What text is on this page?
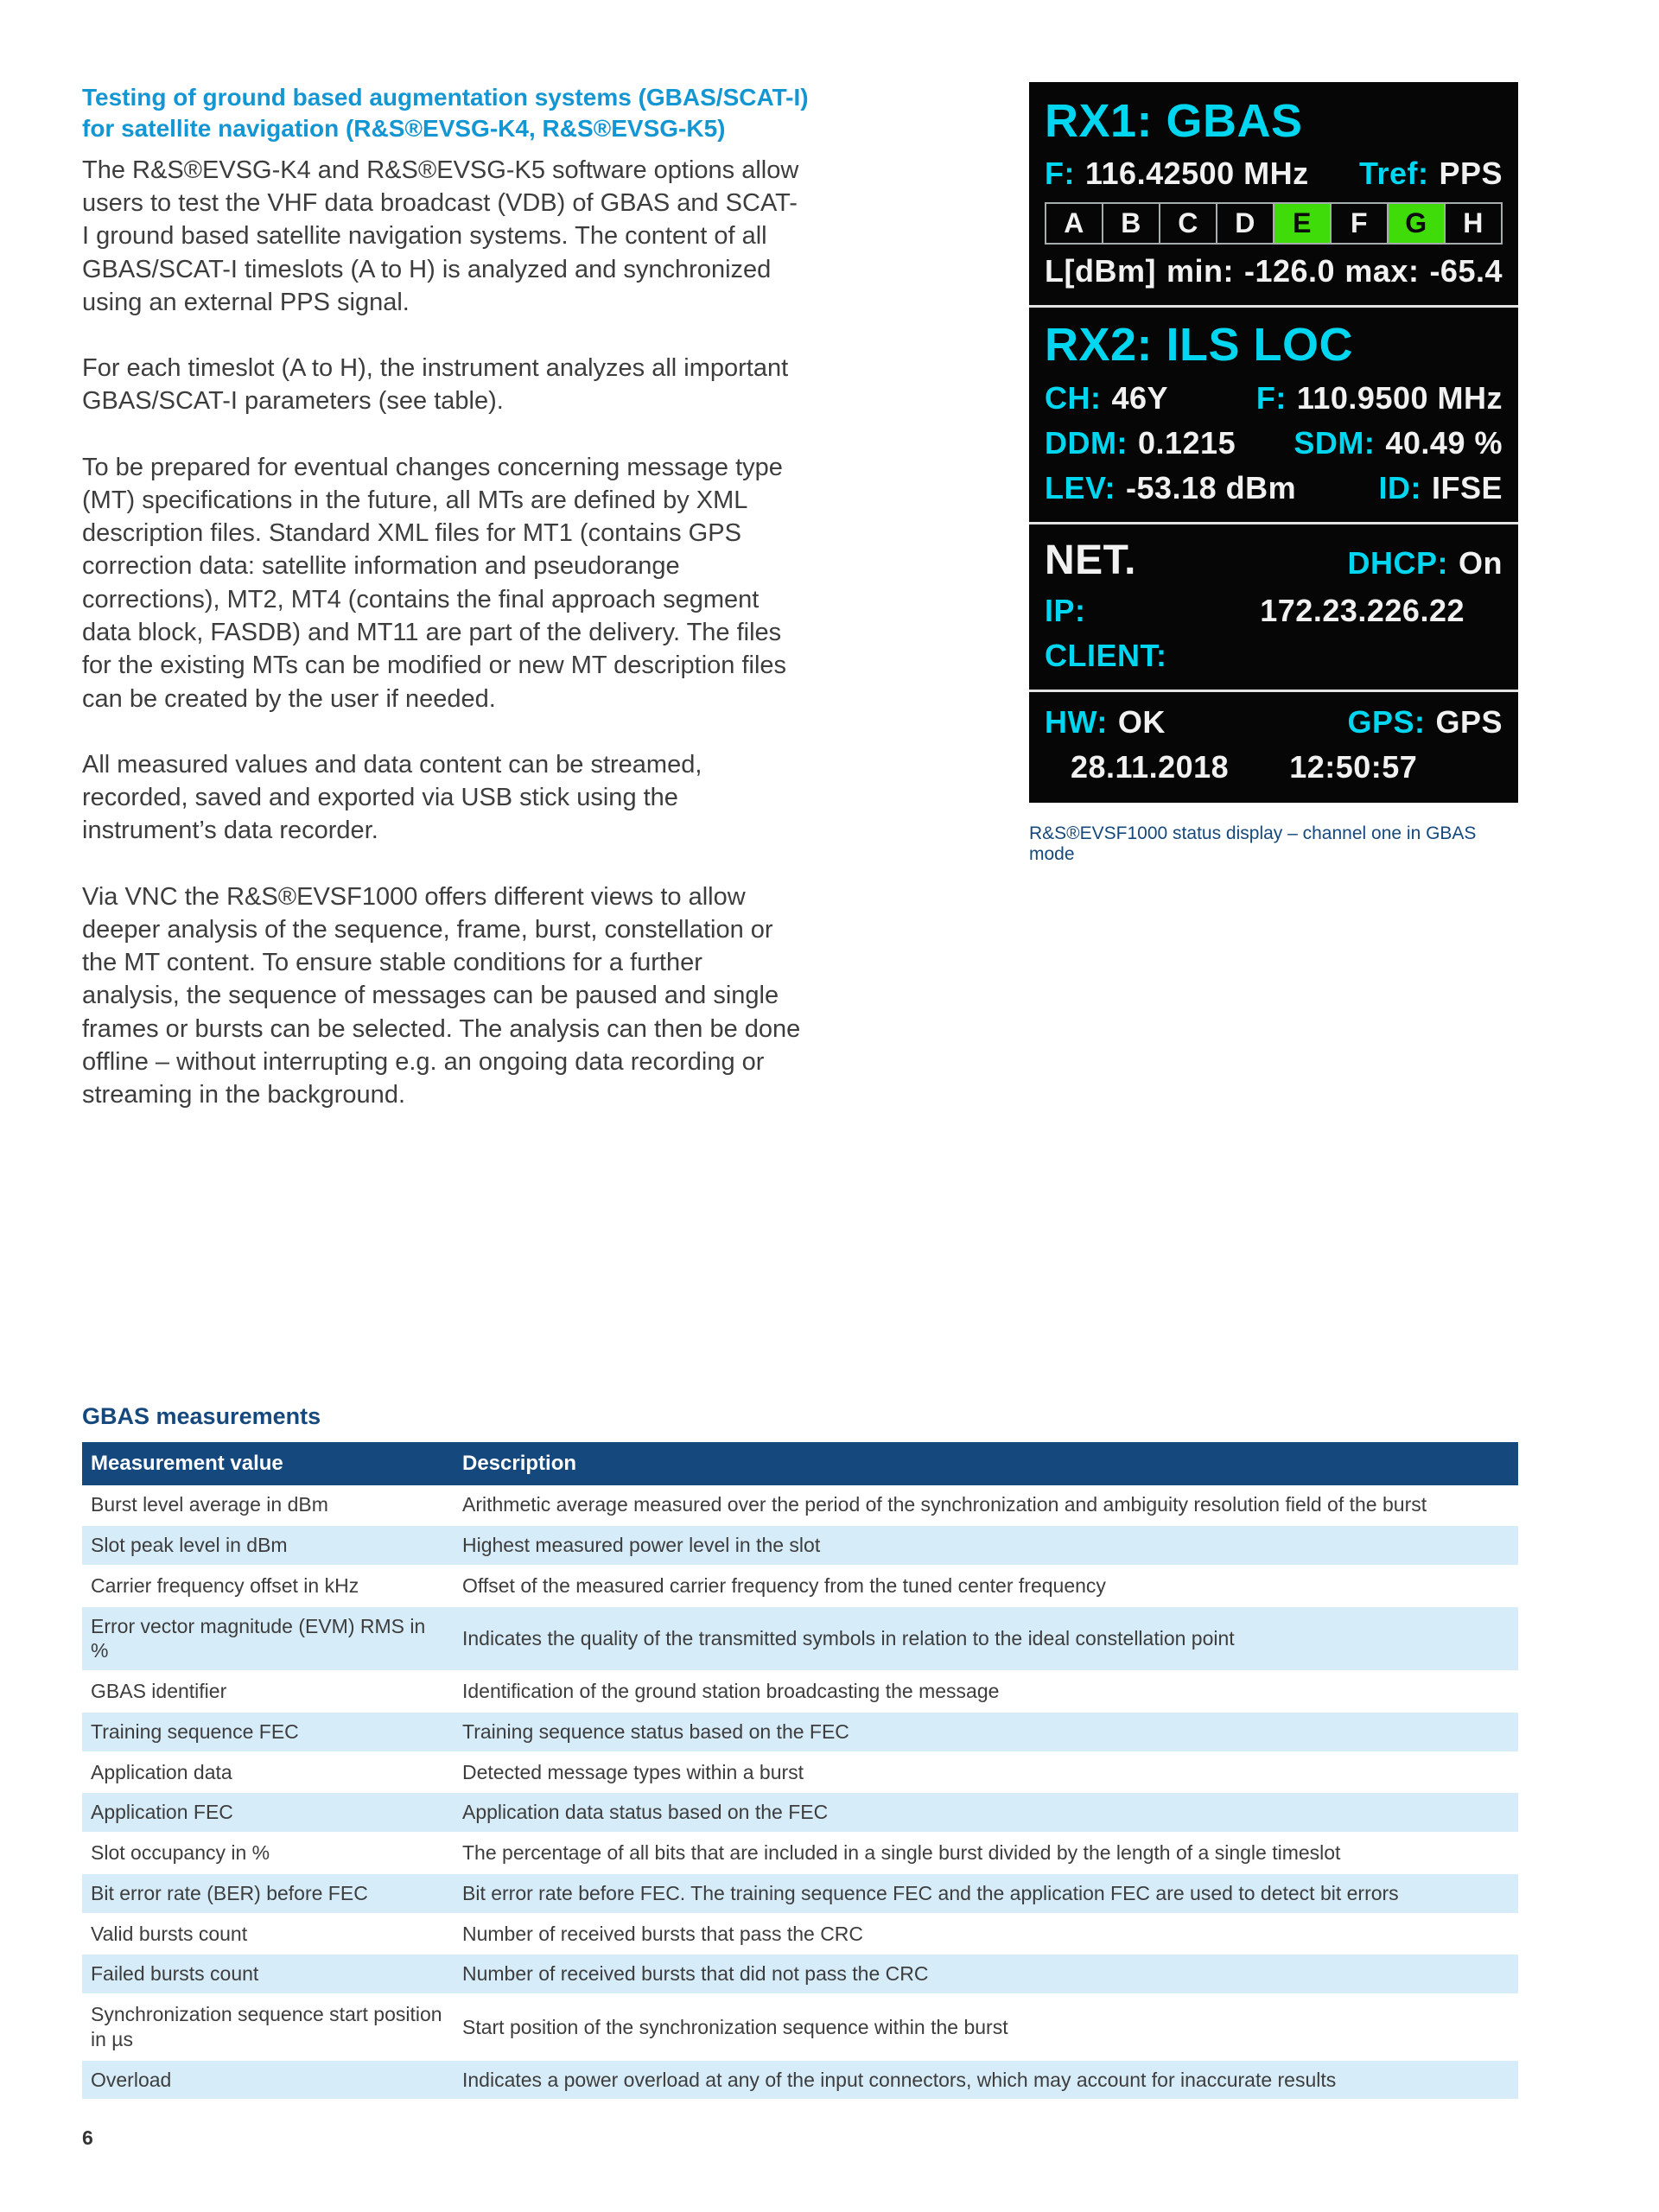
Testing of ground based augmentation systems (GBAS/SCAT-I) for satellite navigation (R&S®EVSG-K4, R&S®EVSG-K5)

The R&S®EVSG-K4 and R&S®EVSG-K5 software options allow users to test the VHF data broadcast (VDB) of GBAS and SCAT-I ground based satellite navigation systems. The content of all GBAS/SCAT-I timeslots (A to H) is analyzed and synchronized using an external PPS signal.

For each timeslot (A to H), the instrument analyzes all important GBAS/SCAT-I parameters (see table).

To be prepared for eventual changes concerning message type (MT) specifications in the future, all MTs are defined by XML description files. Standard XML files for MT1 (contains GPS correction data: satellite information and pseudorange corrections), MT2, MT4 (contains the final approach segment data block, FASDB) and MT11 are part of the delivery. The files for the existing MTs can be modified or new MT description files can be created by the user if needed.

All measured values and data content can be streamed, recorded, saved and exported via USB stick using the instrument’s data recorder.

Via VNC the R&S®EVSF1000 offers different views to allow deeper analysis of the sequence, frame, burst, constellation or the MT content. To ensure stable conditions for a further analysis, the sequence of messages can be paused and single frames or bursts can be selected. The analysis can then be done offline – without interrupting e.g. an ongoing data recording or streaming in the background.

RX1: GBAS
F: 116.42500 MHz Tref: PPS
A	B	C	D	E	F	G	H
L[dBm] min: -126.0 max: -65.4
RX2: ILS LOC
CH: 46Y	F: 110.9500 MHz
DDM: 0.1215 SDM: 40.49 %
LEV: -53.18 dBm	ID: IFSE
NET.	DHCP: On
IP:	172.23.226.22
CLIENT:
HW: OK	GPS: GPS
28.11.2018 12:50:57

R&S®EVSF1000 status display – channel one in GBAS mode

GBAS measurements
Measurement value	Description
Burst level average in dBm	Arithmetic average measured over the period of the synchronization and ambiguity resolution field of the burst
Slot peak level in dBm	Highest measured power level in the slot
Carrier frequency offset in kHz	Offset of the measured carrier frequency from the tuned center frequency
Error vector magnitude (EVM) RMS in %	Indicates the quality of the transmitted symbols in relation to the ideal constellation point
GBAS identifier	Identification of the ground station broadcasting the message
Training sequence FEC	Training sequence status based on the FEC
Application data	Detected message types within a burst
Application FEC	Application data status based on the FEC
Slot occupancy in %	The percentage of all bits that are included in a single burst divided by the length of a single timeslot
Bit error rate (BER) before FEC	Bit error rate before FEC. The training sequence FEC and the application FEC are used to detect bit errors
Valid bursts count	Number of received bursts that pass the CRC
Failed bursts count	Number of received bursts that did not pass the CRC
Synchronization sequence start position in µs	Start position of the synchronization sequence within the burst
Overload	Indicates a power overload at any of the input connectors, which may account for inaccurate results
6
